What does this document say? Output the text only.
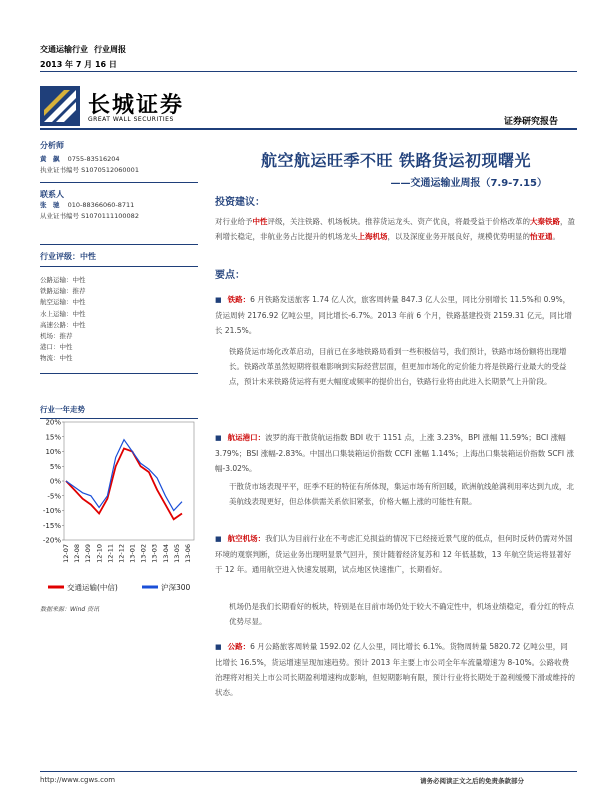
交通运输行业 行业周报
2013 年 7 月 16 日
长城证券
GREAT WALL SECURITIES	证券研究报告
分析师
黄　飙 0755-83516204
执业证书编号 S1070512060001
联系人
张　驰 010-88366060-8711
从业证书编号 S1070111100082
行业评级：中性
公路运输：中性
铁路运输：推荐
航空运输：中性
水上运输：中性
高速公路：中性
机场：推荐
港口：中性
物流：中性
行业一年走势
20%
15%
10%
5%
0%
-5%
-10%
-15%
-20%
12-07 12-08 12-09 12-10 12-11 12-12 13-01 13-02 13-03 13-04 13-05 13-06
交通运输(中信)	沪深300
数据来源：Wind 资讯
航空航运旺季不旺 铁路货运初现曙光
——交通运输业周报（7.9-7.15）
投资建议：
对行业给予中性评级，关注铁路、机场板块。推荐货运龙头、资产优良，将最受益于价格改革的大秦铁路，盈利增长稳定，非航业务占比提升的机场龙头上海机场，以及深度业务开展良好，规模优势明显的怡亚通。
要点：
■ 铁路：6 月铁路发送旅客 1.74 亿人次，旅客周转量 847.3 亿人公里，同比分别增长 11.5%和 0.9%，货运周转 2176.92 亿吨公里，同比增长-6.7%。2013 年前 6 个月，铁路基建投资 2159.31 亿元，同比增长 21.5%。
铁路货运市场化改革启动，目前已在多地铁路局看到一些积极信号，我们预计，铁路市场份额将出现增长。铁路改革虽然短期将很难影响到实际经营层面，但更加市场化的定价能力将是铁路行业最大的受益点，预计未来铁路货运将有更大幅度或频率的提价出台，铁路行业将由此进入长期景气上升阶段。
■ 航运港口：波罗的海干散货航运指数 BDI 收于 1151 点，上涨 3.23%，BPI 涨幅 11.59%；BCI 涨幅 3.79%；BSI 涨幅-2.83%。中国出口集装箱运价指数 CCFI 涨幅 1.14%；上海出口集装箱运价指数 SCFI 涨幅-3.02%。
干散货市场表现平平，旺季不旺的特征有所体现，集运市场有所回暖，欧洲航线舱满利用率达到九成，北美航线表现更好，但总体供需关系依旧紧张，价格大幅上涨的可能性有限。
■ 航空机场：我们认为目前行业在不考虑汇兑损益的情况下已经接近景气度的低点，但何时反转仍需对外国环境的观察判断，货运业务出现明显景气回升，预计随着经济复苏和 12 年低基数，13 年航空货运将显著好于 12 年。通用航空进入快速发展期，试点地区快速推广，长期看好。
机场仍是我们长期看好的板块，特别是在目前市场仍处于较大不确定性中，机场业绩稳定，看分红的特点优势尽显。
■ 公路：6 月公路旅客周转量 1592.02 亿人公里，同比增长 6.1%。货物周转量 5820.72 亿吨公里，同比增长 16.5%，货运增速呈现加速趋势。预计 2013 年主要上市公司全年车流量增速为 8-10%。公路收费治理将对相关上市公司长期盈利增速构成影响，但短期影响有限，预计行业将长期处于盈利缓慢下滑或维持的状态。
http://www.cgws.com	请务必阅读正文之后的免责条款部分
